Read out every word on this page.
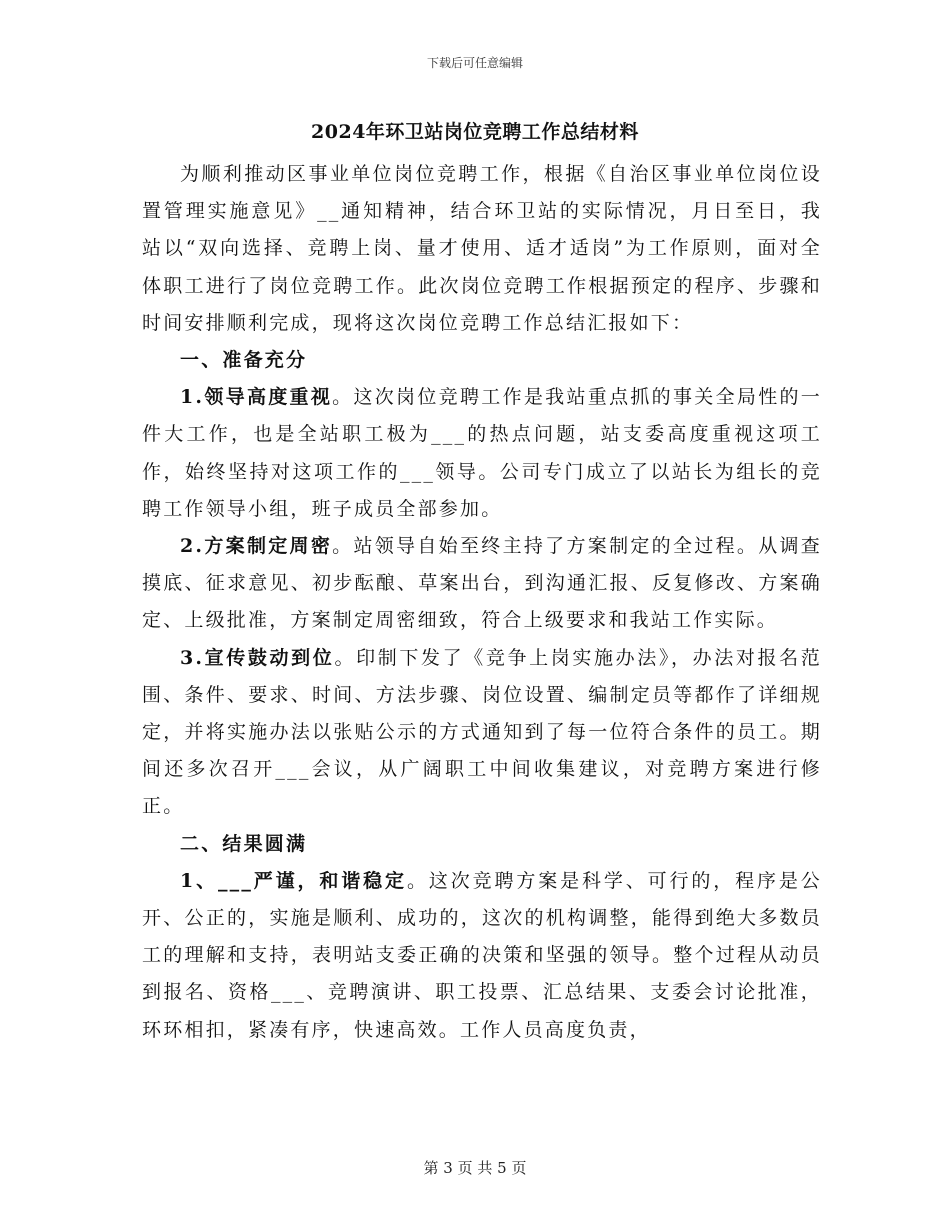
下载后可任意编辑
2024年环卫站岗位竞聘工作总结材料

为顺利推动区事业单位岗位竞聘工作，根据《自治区事业单位岗位设置管理实施意见》__通知精神，结合环卫站的实际情况，月日至日，我站以“双向选择、竞聘上岗、量才使用、适才适岗”为工作原则，面对全体职工进行了岗位竞聘工作。此次岗位竞聘工作根据预定的程序、步骤和时间安排顺利完成，现将这次岗位竞聘工作总结汇报如下：

一、准备充分

1.领导高度重视。这次岗位竞聘工作是我站重点抓的事关全局性的一件大工作，也是全站职工极为___的热点问题，站支委高度重视这项工作，始终坚持对这项工作的___领导。公司专门成立了以站长为组长的竞聘工作领导小组，班子成员全部参加。

2.方案制定周密。站领导自始至终主持了方案制定的全过程。从调查摸底、征求意见、初步酝酿、草案出台，到沟通汇报、反复修改、方案确定、上级批准，方案制定周密细致，符合上级要求和我站工作实际。

3.宣传鼓动到位。印制下发了《竞争上岗实施办法》，办法对报名范围、条件、要求、时间、方法步骤、岗位设置、编制定员等都作了详细规定，并将实施办法以张贴公示的方式通知到了每一位符合条件的员工。期间还多次召开___会议，从广阔职工中间收集建议，对竞聘方案进行修正。

二、结果圆满

1、___严谨，和谐稳定。这次竞聘方案是科学、可行的，程序是公开、公正的，实施是顺利、成功的，这次的机构调整，能得到绝大多数员工的理解和支持，表明站支委正确的决策和坚强的领导。整个过程从动员到报名、资格___、竞聘演讲、职工投票、汇总结果、支委会讨论批准，环环相扣，紧凑有序，快速高效。工作人员高度负责，

第 3 页 共 5 页
